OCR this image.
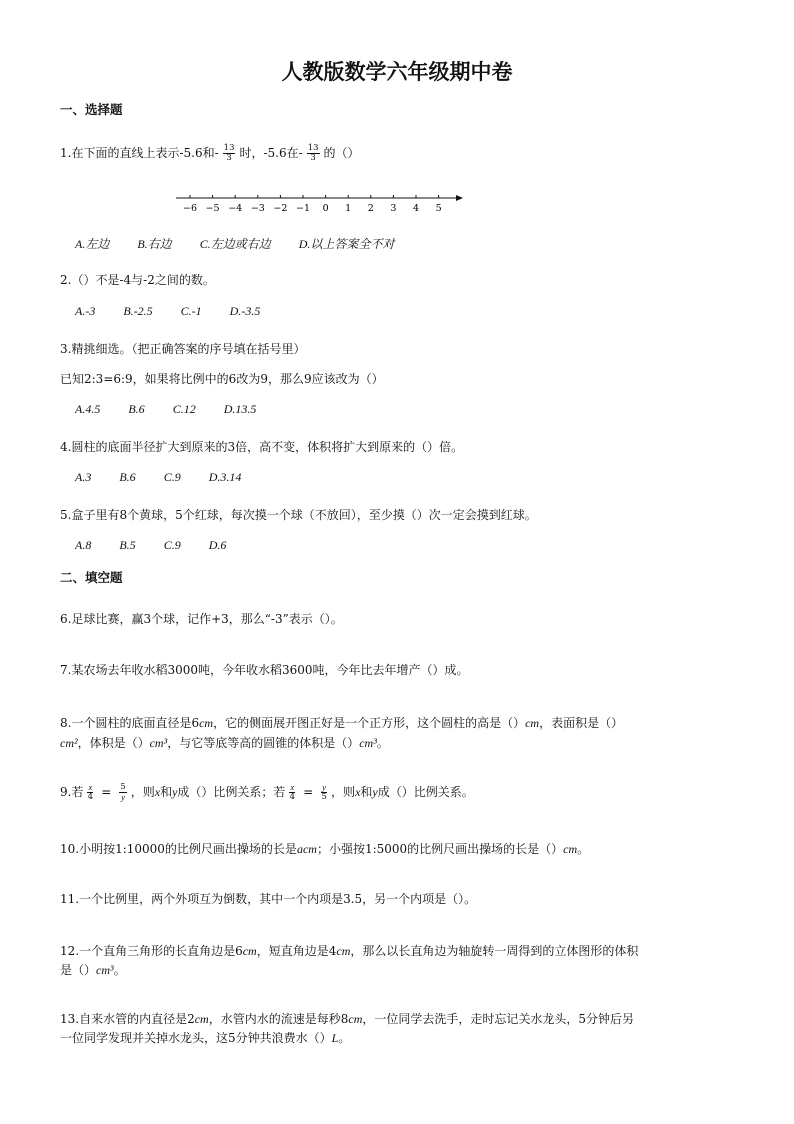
人教版数学六年级期中卷
一、选择题
1.在下面的直线上表示-5.6和- $\frac{13}{3}$ 时，-5.6在- $\frac{13}{3}$ 的（）
−6 −5 −4 −3 −2 −1 0 1 2 3 4 5
A.左边 B.右边 C.左边或右边 D.以上答案全不对
2.（）不是-4与-2之间的数。
A.-3 B.-2.5 C.-1 D.-3.5
3.精挑细选。（把正确答案的序号填在括号里）
已知2:3=6:9，如果将比例中的6改为9，那么9应该改为（）
A.4.5 B.6 C.12 D.13.5
4.圆柱的底面半径扩大到原来的3倍，高不变，体积将扩大到原来的（）倍。
A.3 B.6 C.9 D.3.14
5.盒子里有8个黄球，5个红球，每次摸一个球（不放回），至少摸（）次一定会摸到红球。
A.8 B.5 C.9 D.6
二、填空题
6.足球比赛，赢3个球，记作+3，那么“-3”表示（）。
7.某农场去年收水稻3000吨，今年收水稻3600吨，今年比去年增产（）成。
8.一个圆柱的底面直径是6cm，它的侧面展开图正好是一个正方形，这个圆柱的高是（）cm，表面积是（）
cm²，体积是（）cm³，与它等底等高的圆锥的体积是（）cm³。
9.若 $\frac{x}{4} = \frac{5}{y}$ ，则x和y成（）比例关系；若 $\frac{x}{4} = \frac{y}{5}$ ，则x和y成（）比例关系。
10.小明按1:10000的比例尺画出操场的长是acm；小强按1:5000的比例尺画出操场的长是（）cm。
11.一个比例里，两个外项互为倒数，其中一个内项是3.5，另一个内项是（）。
12.一个直角三角形的长直角边是6cm，短直角边是4cm，那么以长直角边为轴旋转一周得到的立体图形的体积
是（）cm³。
13.自来水管的内直径是2cm，水管内水的流速是每秒8cm，一位同学去洗手，走时忘记关水龙头，5分钟后另
一位同学发现并关掉水龙头，这5分钟共浪费水（）L。
